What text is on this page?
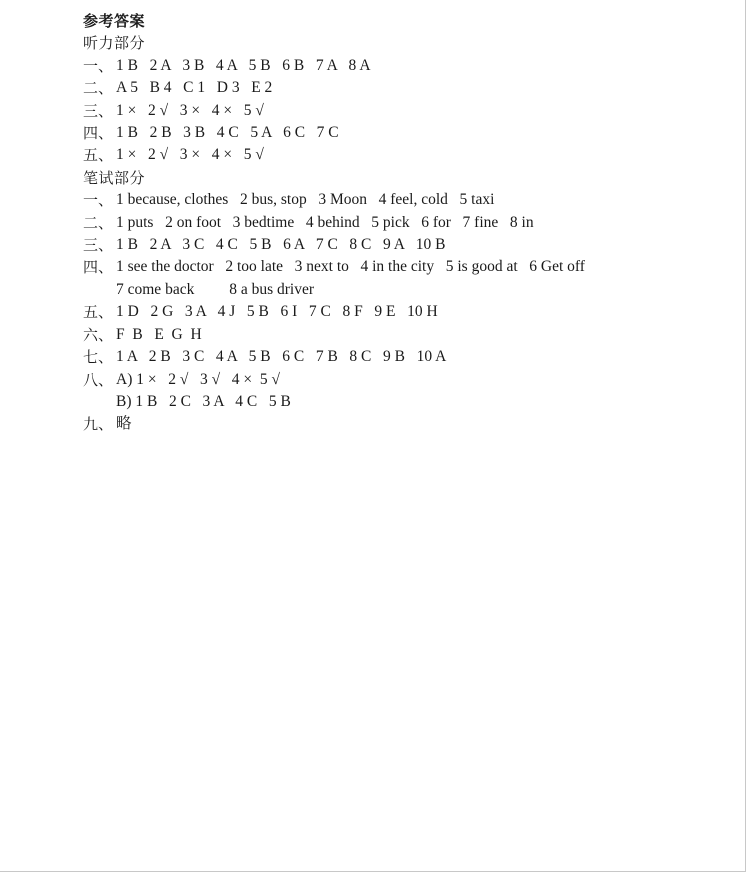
参考答案
听力部分
一、 1 B   2 A   3 B   4 A   5 B   6 B   7 A   8 A
二、 A 5   B 4   C 1   D 3   E 2
三、 1 ×   2 √   3 ×   4 ×   5 √
四、 1 B   2 B   3 B   4 C   5 A   6 C   7 C
五、 1 ×   2 √   3 ×   4 ×   5 √
笔试部分
一、 1 because, clothes   2 bus, stop   3 Moon   4 feel, cold   5 taxi
二、 1 puts   2 on foot   3 bedtime   4 behind   5 pick   6 for   7 fine   8 in
三、 1 B   2 A   3 C   4 C   5 B   6 A   7 C   8 C   9 A   10 B
四、 1 see the doctor   2 too late   3 next to   4 in the city   5 is good at   6 Get off
7 come back         8 a bus driver
五、 1 D   2 G   3 A   4 J   5 B   6 I   7 C   8 F   9 E   10 H
六、 F  B   E  G  H
七、 1 A   2 B   3 C   4 A   5 B   6 C   7 B   8 C   9 B   10 A
八、 A) 1 ×   2 √   3 √   4 ×  5 √
B) 1 B   2 C   3 A   4 C   5 B
九、 略
